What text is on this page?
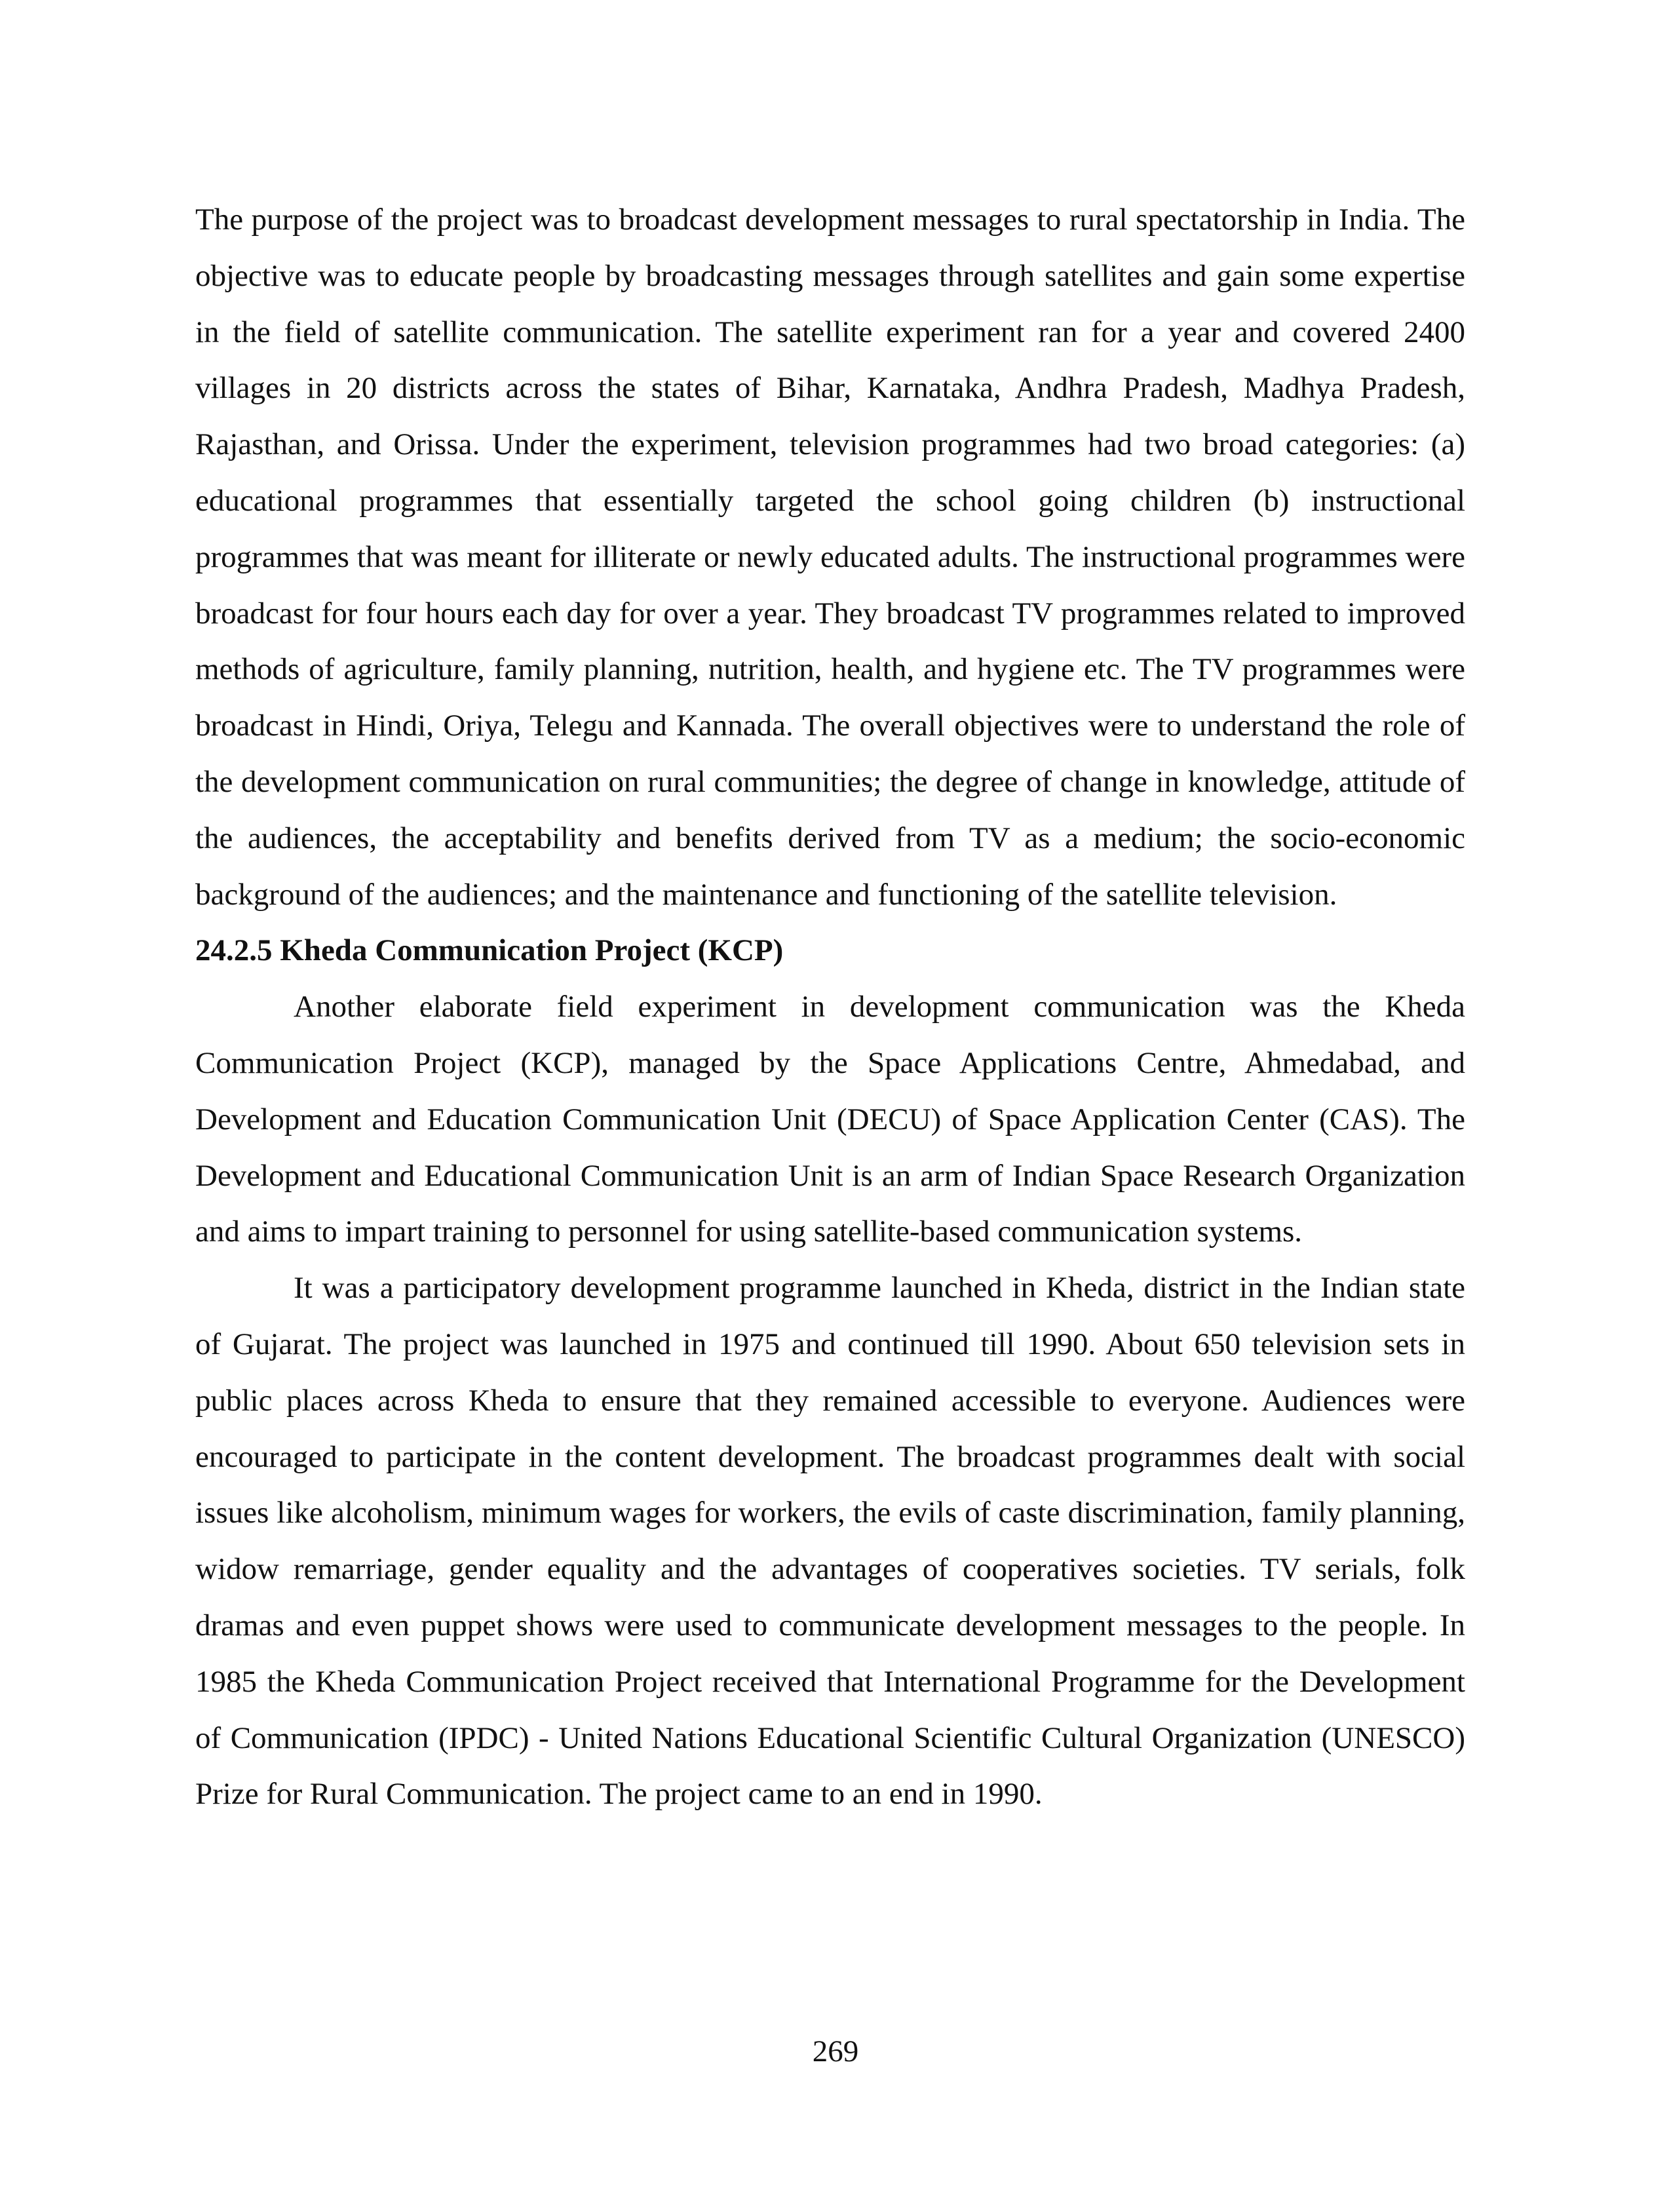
The purpose of the project was to broadcast development messages to rural spectatorship in India. The objective was to educate people by broadcasting messages through satellites and gain some expertise in the field of satellite communication. The satellite experiment ran for a year and covered 2400 villages in 20 districts across the states of Bihar, Karnataka, Andhra Pradesh, Madhya Pradesh, Rajasthan, and Orissa. Under the experiment, television programmes had two broad categories: (a) educational programmes that essentially targeted the school going children (b) instructional programmes that was meant for illiterate or newly educated adults. The instructional programmes were broadcast for four hours each day for over a year. They broadcast TV programmes related to improved methods of agriculture, family planning, nutrition, health, and hygiene etc. The TV programmes were broadcast in Hindi, Oriya, Telegu and Kannada. The overall objectives were to understand the role of the development communication on rural communities; the degree of change in knowledge, attitude of the audiences, the acceptability and benefits derived from TV as a medium; the socio-economic background of the audiences; and the maintenance and functioning of the satellite television.

24.2.5 Kheda Communication Project (KCP)

Another elaborate field experiment in development communication was the Kheda Communication Project (KCP), managed by the Space Applications Centre, Ahmedabad, and Development and Education Communication Unit (DECU) of Space Application Center (CAS). The Development and Educational Communication Unit is an arm of Indian Space Research Organization and aims to impart training to personnel for using satellite-based communication systems.

It was a participatory development programme launched in Kheda, district in the Indian state of Gujarat. The project was launched in 1975 and continued till 1990. About 650 television sets in public places across Kheda to ensure that they remained accessible to everyone. Audiences were encouraged to participate in the content development. The broadcast programmes dealt with social issues like alcoholism, minimum wages for workers, the evils of caste discrimination, family planning, widow remarriage, gender equality and the advantages of cooperatives societies. TV serials, folk dramas and even puppet shows were used to communicate development messages to the people. In 1985 the Kheda Communication Project received that International Programme for the Development of Communication (IPDC) - United Nations Educational Scientific Cultural Organization (UNESCO) Prize for Rural Communication. The project came to an end in 1990.

269
